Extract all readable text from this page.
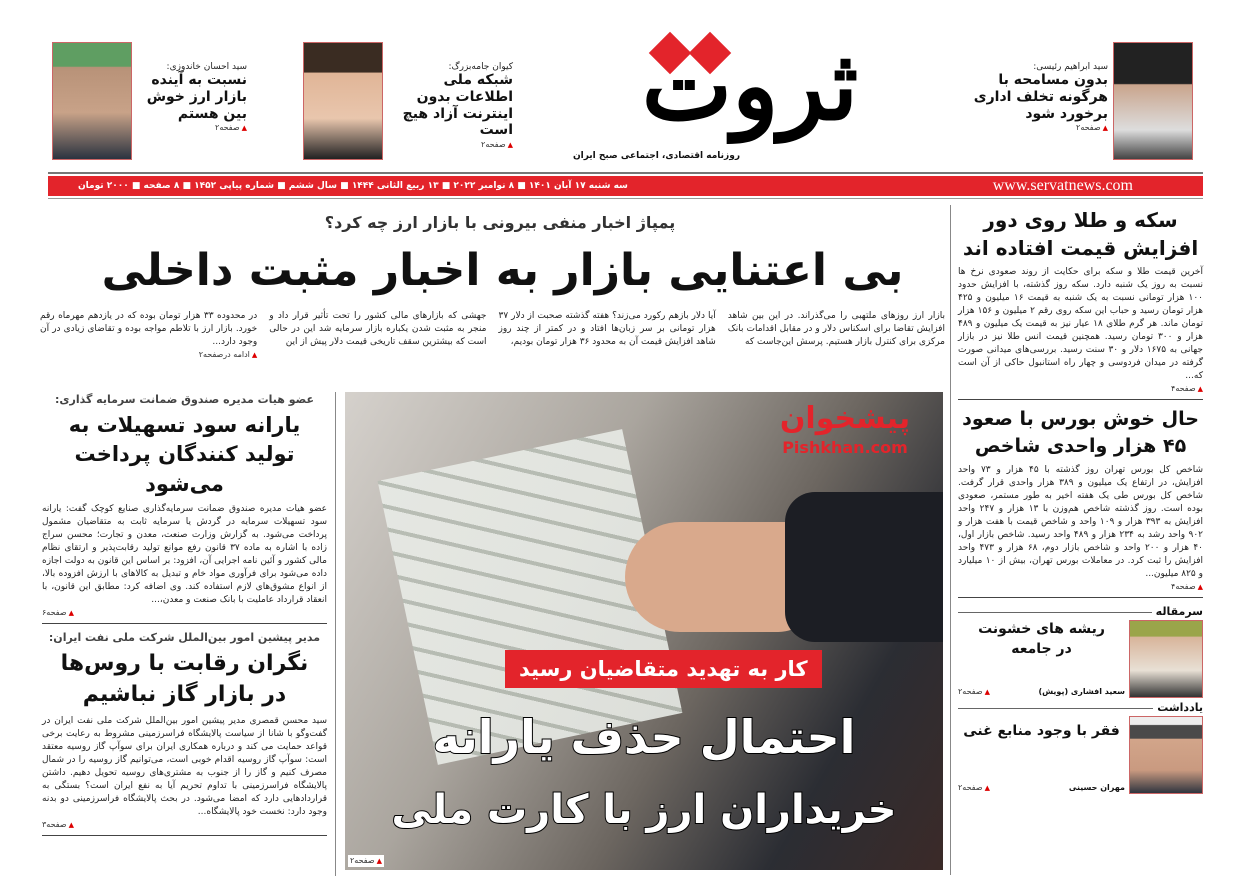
ثروت
روزنامه اقتصادی، اجتماعی صبح ایران
سید ابراهیم رئیسی:
بدون مسامحه با هرگونه تخلف اداری برخورد شود
▲ صفحه۲
کیوان جامه‌بزرگ:
شبکه ملی اطلاعات بدون اینترنت آزاد هیچ است
▲ صفحه۲
سید احسان خاندوزی:
نسبت به آینده بازار ارز خوش بین هستم
▲ صفحه۲
www.servatnews.com
سه شنبه ۱۷ آبان ۱۴۰۱ ■ ۸ نوامبر ۲۰۲۲ ■ ۱۳ ربیع الثانی ۱۴۴۴ ■ سال ششم ■ شماره پیاپی ۱۴۵۲ ■ ۸ صفحه ■ ۲۰۰۰ تومان
پمپاژ اخبار منفی بیرونی با بازار ارز چه کرد؟
بی اعتنایی بازار به اخبار مثبت داخلی
بازار ارز روزهای ملتهبی را می‌گذراند. در این بین شاهد افزایش تقاضا برای اسکناس دلار و در مقابل اقدامات بانک مرکزی برای کنترل بازار هستیم. پرسش این‌جاست که
آیا دلار بازهم رکورد می‌زند؟ هفته گذشته صحبت از دلار ۳۷ هزار تومانی بر سر زبان‌ها افتاد و در کمتر از چند روز شاهد افزایش قیمت آن به محدود ۳۶ هزار تومان بودیم،
جهشی که بازارهای مالی کشور را تحت تأثیر قرار داد و منجر به مثبت شدن یکباره بازار سرمایه شد این در حالی است که بیشترین سقف تاریخی قیمت دلار پیش از این
در محدوده ۳۳ هزار تومان بوده که در یازدهم مهرماه رقم خورد. بازار ارز با تلاطم مواجه بوده و تقاضای زیادی در آن وجود دارد...
▲ ادامه درصفحه۲
پیشخوان
Pishkhan.com
کار به تهدید متقاضیان رسید
احتمال حذف یارانه
خریداران ارز با کارت ملی
▲ صفحه۲
عضو هیات مدیره صندوق ضمانت سرمایه گذاری:
یارانه سود تسهیلات به تولید کنندگان پرداخت می‌شود
عضو هیات مدیره صندوق ضمانت سرمایه‌گذاری صنایع کوچک گفت: یارانه سود تسهیلات سرمایه در گردش یا سرمایه ثابت به متقاضیان مشمول پرداخت می‌شود. به گزارش وزارت صنعت، معدن و تجارت؛ محسن سراج زاده با اشاره به ماده ۳۷ قانون رفع موانع تولید رقابت‌پذیر و ارتقای نظام مالی کشور و آئین نامه اجرایی آن، افزود: بر اساس این قانون به دولت اجازه داده می‌شود برای فرآوری مواد خام و تبدیل به کالاهای با ارزش افزوده بالا، از انواع مشوق‌های لازم استفاده کند. وی اضافه کرد: مطابق این قانون، با انعقاد قرارداد عاملیت با بانک صنعت و معدن،...
▲ صفحه۶
مدیر پیشین امور بین‌الملل شرکت ملی نفت ایران:
نگران رقابت با روس‌ها در بازار گاز نباشیم
سید محسن قمصری مدیر پیشین امور بین‌الملل شرکت ملی نفت ایران در گفت‌وگو با شانا از سیاست پالایشگاه فراسرزمینی مشروط به رعایت برخی قواعد حمایت می کند و درباره همکاری ایران برای سوآپ گاز روسیه معتقد است: سوآپ گاز روسیه اقدام خوبی است، می‌توانیم گاز روسیه را در شمال مصرف کنیم و گاز را از جنوب به مشتری‌های روسیه تحویل دهیم. داشتن پالایشگاه فراسرزمینی با تداوم تحریم آیا به نفع ایران است؟ بستگی به قراردادهایی دارد که امضا می‌شود. در بحث پالایشگاه فراسرزمینی دو بدنه وجود دارد: نخست خود پالایشگاه...
▲ صفحه۳
سکه و طلا روی دور
افزایش قیمت افتاده اند
آخرین قیمت طلا و سکه برای حکایت از روند صعودی نرخ ها نسبت به روز یک شنبه دارد. سکه روز گذشته، با افزایش حدود ۱۰۰ هزار تومانی نسبت به یک شنبه به قیمت ۱۶ میلیون و ۴۲۵ هزار تومان رسید و حباب این سکه روی رقم ۲ میلیون و ۱۵۶ هزار تومان ماند. هر گرم طلای ۱۸ عیار نیز به قیمت یک میلیون و ۴۸۹ هزار و ۳۰۰ تومان رسید. همچنین قیمت انس طلا نیز در بازار جهانی به ۱۶۷۵ دلار و ۳۰ سنت رسید. بررسی‌های میدانی صورت گرفته در میدان فردوسی و چهار راه استانبول حاکی از آن است که...
▲ صفحه۴
حال خوش بورس با صعود
۴۵ هزار واحدی شاخص
شاخص کل بورس تهران روز گذشته با ۴۵ هزار و ۷۳ واحد افزایش، در ارتفاع یک میلیون و ۳۸۹ هزار واحدی قرار گرفت. شاخص کل بورس طی یک هفته اخیر به طور مستمر، صعودی بوده است. روز گذشته شاخص هم‌وزن با ۱۳ هزار و ۲۴۷ واحد افزایش به ۳۹۳ هزار و ۱۰۹ واحد و شاخص قیمت با هفت هزار و ۹۰۲ واحد رشد به ۲۳۴ هزار و ۴۸۹ واحد رسید. شاخص بازار اول، ۴۰ هزار و ۲۰۰ واحد و شاخص بازار دوم، ۶۸ هزار و ۴۷۳ واحد افزایش را ثبت کرد. در معاملات بورس تهران، بیش از ۱۰ میلیارد و ۸۲۵ میلیون...
▲ صفحه۴
سرمقاله
ریشه های خشونت در جامعه
سعید افشاری (پویش)
▲ صفحه۲
یادداشت
فقر با وجود منابع غنی
مهران حسینی
▲ صفحه۲
